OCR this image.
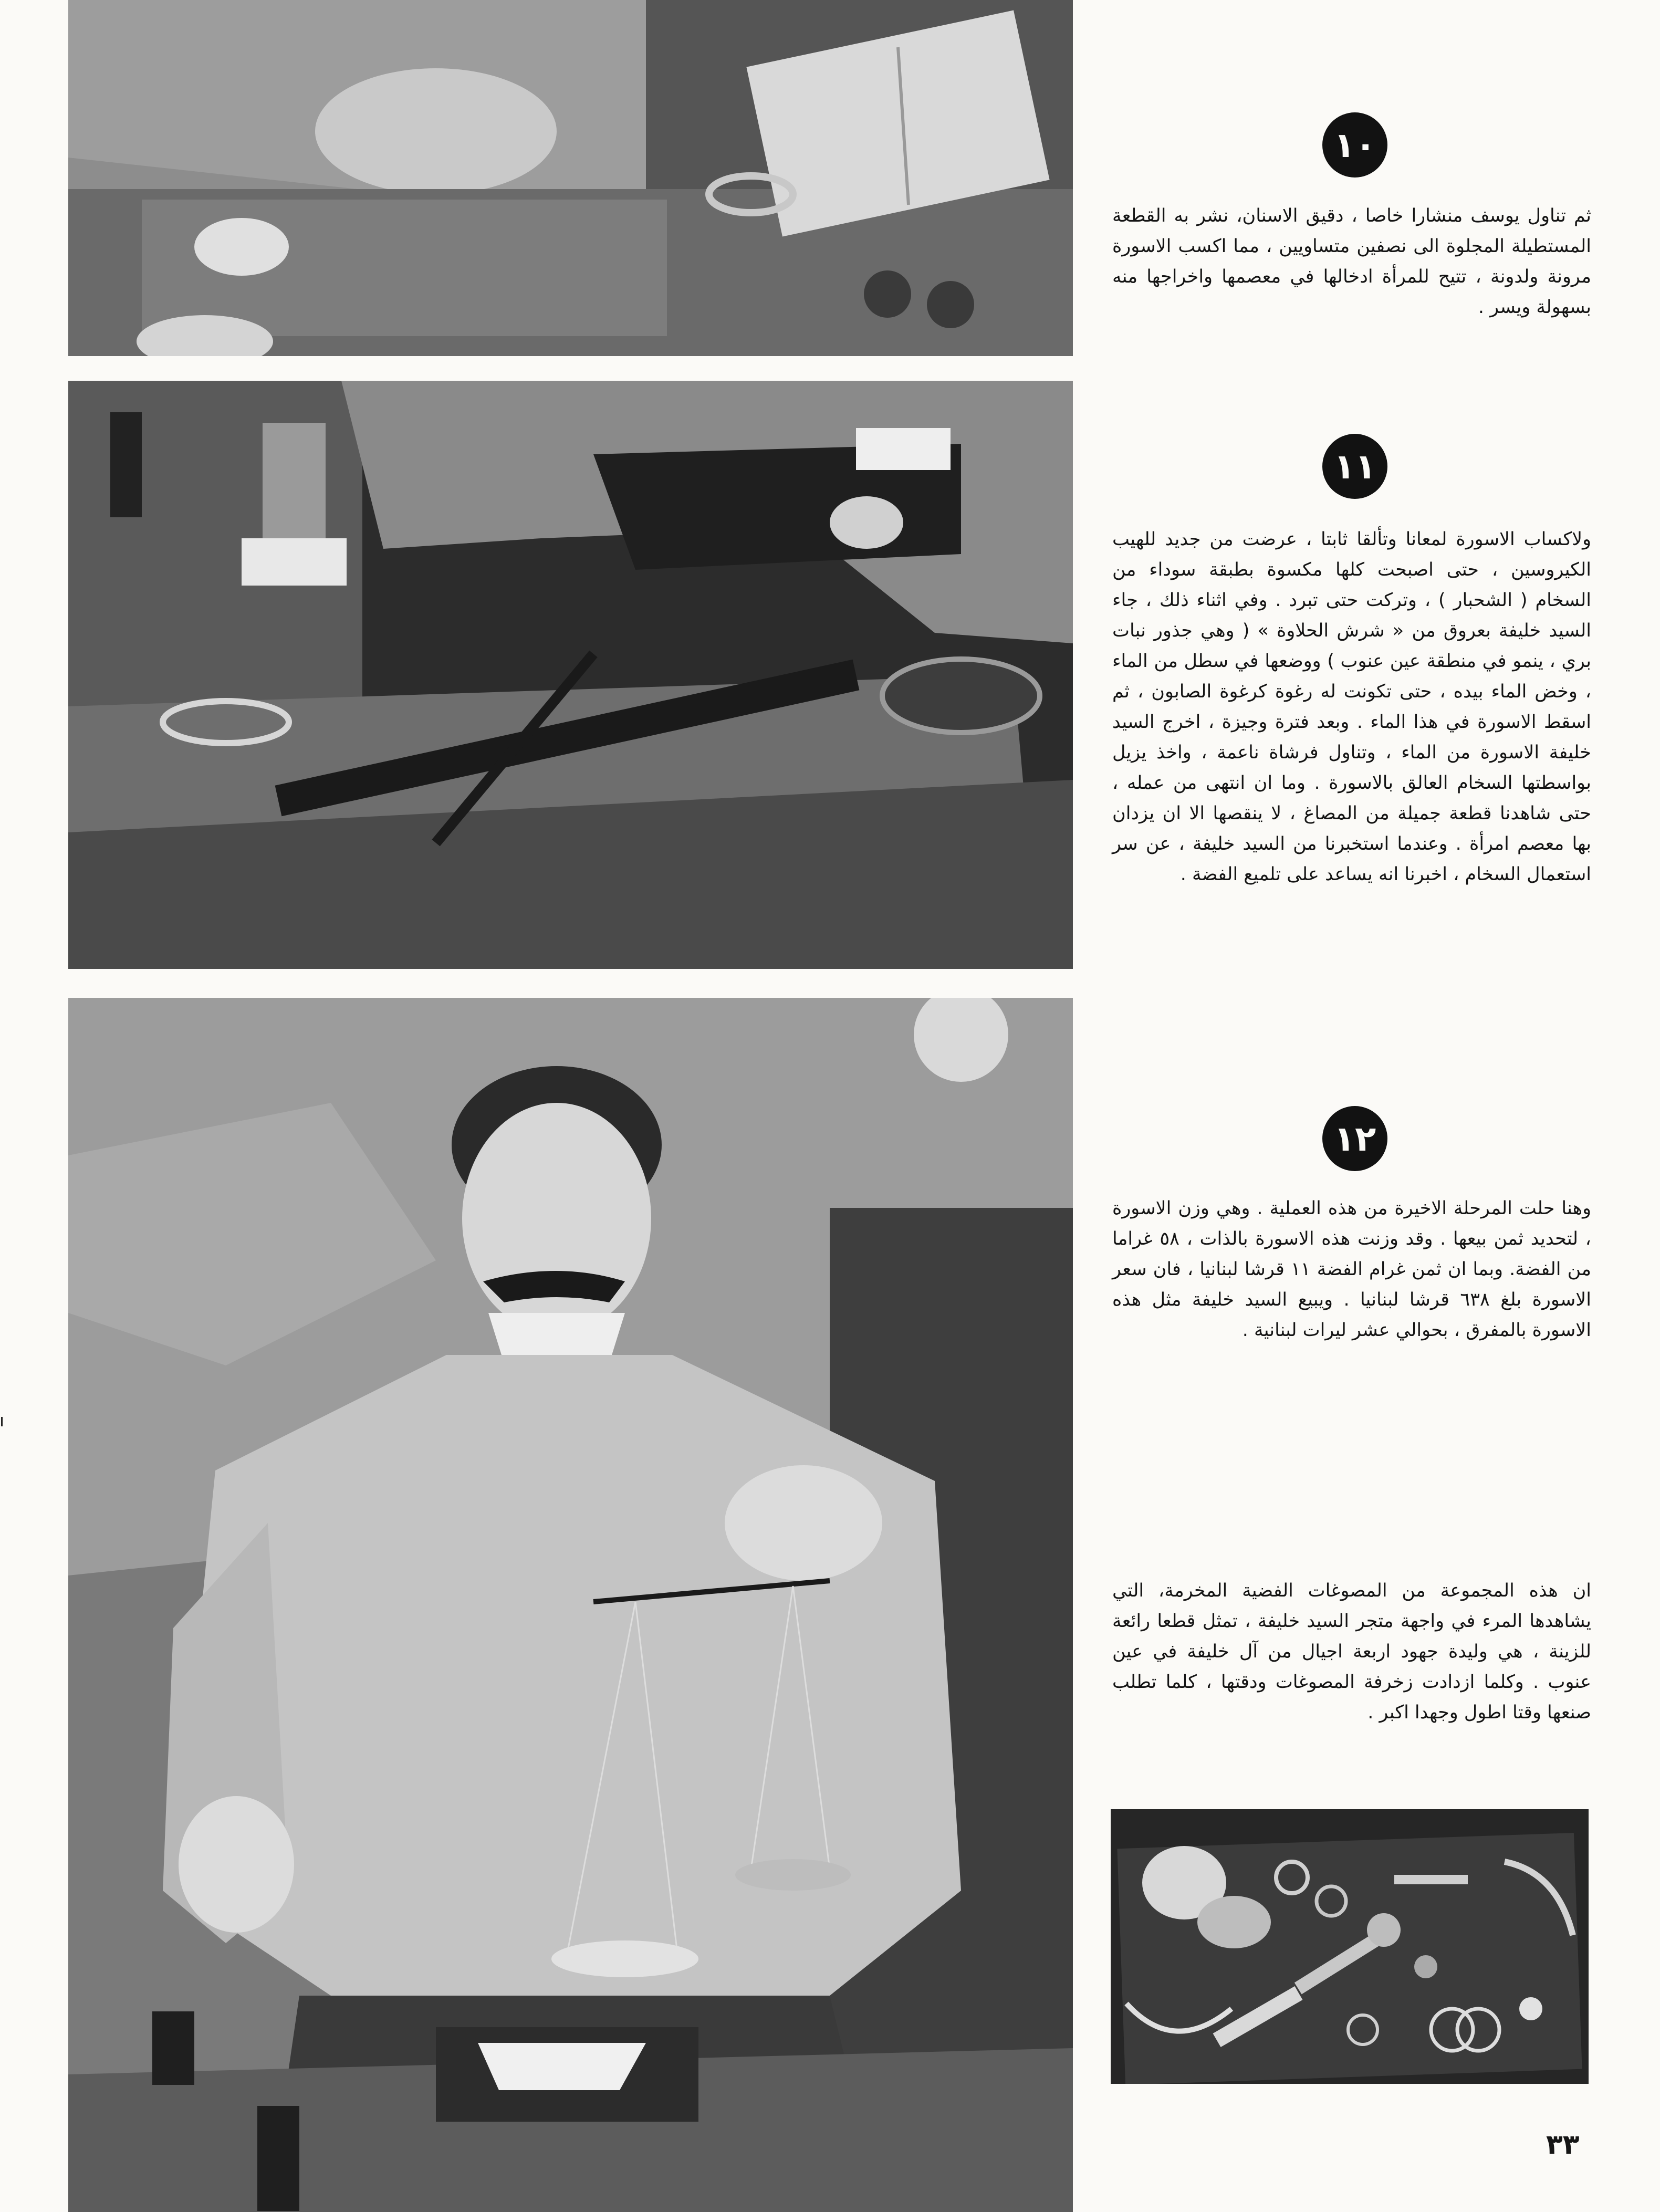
١٠

ثم تناول يوسف منشارا خاصا ، دقيق الاسنان، نشر به القطعة المستطيلة المجلوة الى نصفين متساويين ، مما اكسب الاسورة مرونة ولدونة ، تتيح للمرأة ادخالها في معصمها واخراجها منه بسهولة ويسر .

١١

ولاكساب الاسورة لمعانا وتألقا ثابتا ، عرضت من جديد للهيب الكيروسين ، حتى اصبحت كلها مكسوة بطبقة سوداء من السخام ( الشحبار ) ، وتركت حتى تبرد . وفي اثناء ذلك ، جاء السيد خليفة بعروق من « شرش الحلاوة » ( وهي جذور نبات بري ، ينمو في منطقة عين عنوب ) ووضعها في سطل من الماء ، وخض الماء بيده ، حتى تكونت له رغوة كرغوة الصابون ، ثم اسقط الاسورة في هذا الماء . وبعد فترة وجيزة ، اخرج السيد خليفة الاسورة من الماء ، وتناول فرشاة ناعمة ، واخذ يزيل بواسطتها السخام العالق بالاسورة . وما ان انتهى من عمله ، حتى شاهدنا قطعة جميلة من المصاغ ، لا ينقصها الا ان يزدان بها معصم امرأة . وعندما استخبرنا من السيد خليفة ، عن سر استعمال السخام ، اخبرنا انه يساعد على تلميع الفضة .

١٢

وهنا حلت المرحلة الاخيرة من هذه العملية . وهي وزن الاسورة ، لتحديد ثمن بيعها . وقد وزنت هذه الاسورة بالذات ، ٥٨ غراما من الفضة. وبما ان ثمن غرام الفضة ١١ قرشا لبنانيا ، فان سعر الاسورة بلغ ٦٣٨ قرشا لبنانيا . ويبيع السيد خليفة مثل هذه الاسورة بالمفرق ، بحوالي عشر ليرات لبنانية .

ان هذه المجموعة من المصوغات الفضية المخرمة، التي يشاهدها المرء في واجهة متجر السيد خليفة ، تمثل قطعا رائعة للزينة ، هي وليدة جهود اربعة اجيال من آل خليفة في عين عنوب . وكلما ازدادت زخرفة المصوغات ودقتها ، كلما تطلب صنعها وقتا اطول وجهدا اكبر .

٣٣
